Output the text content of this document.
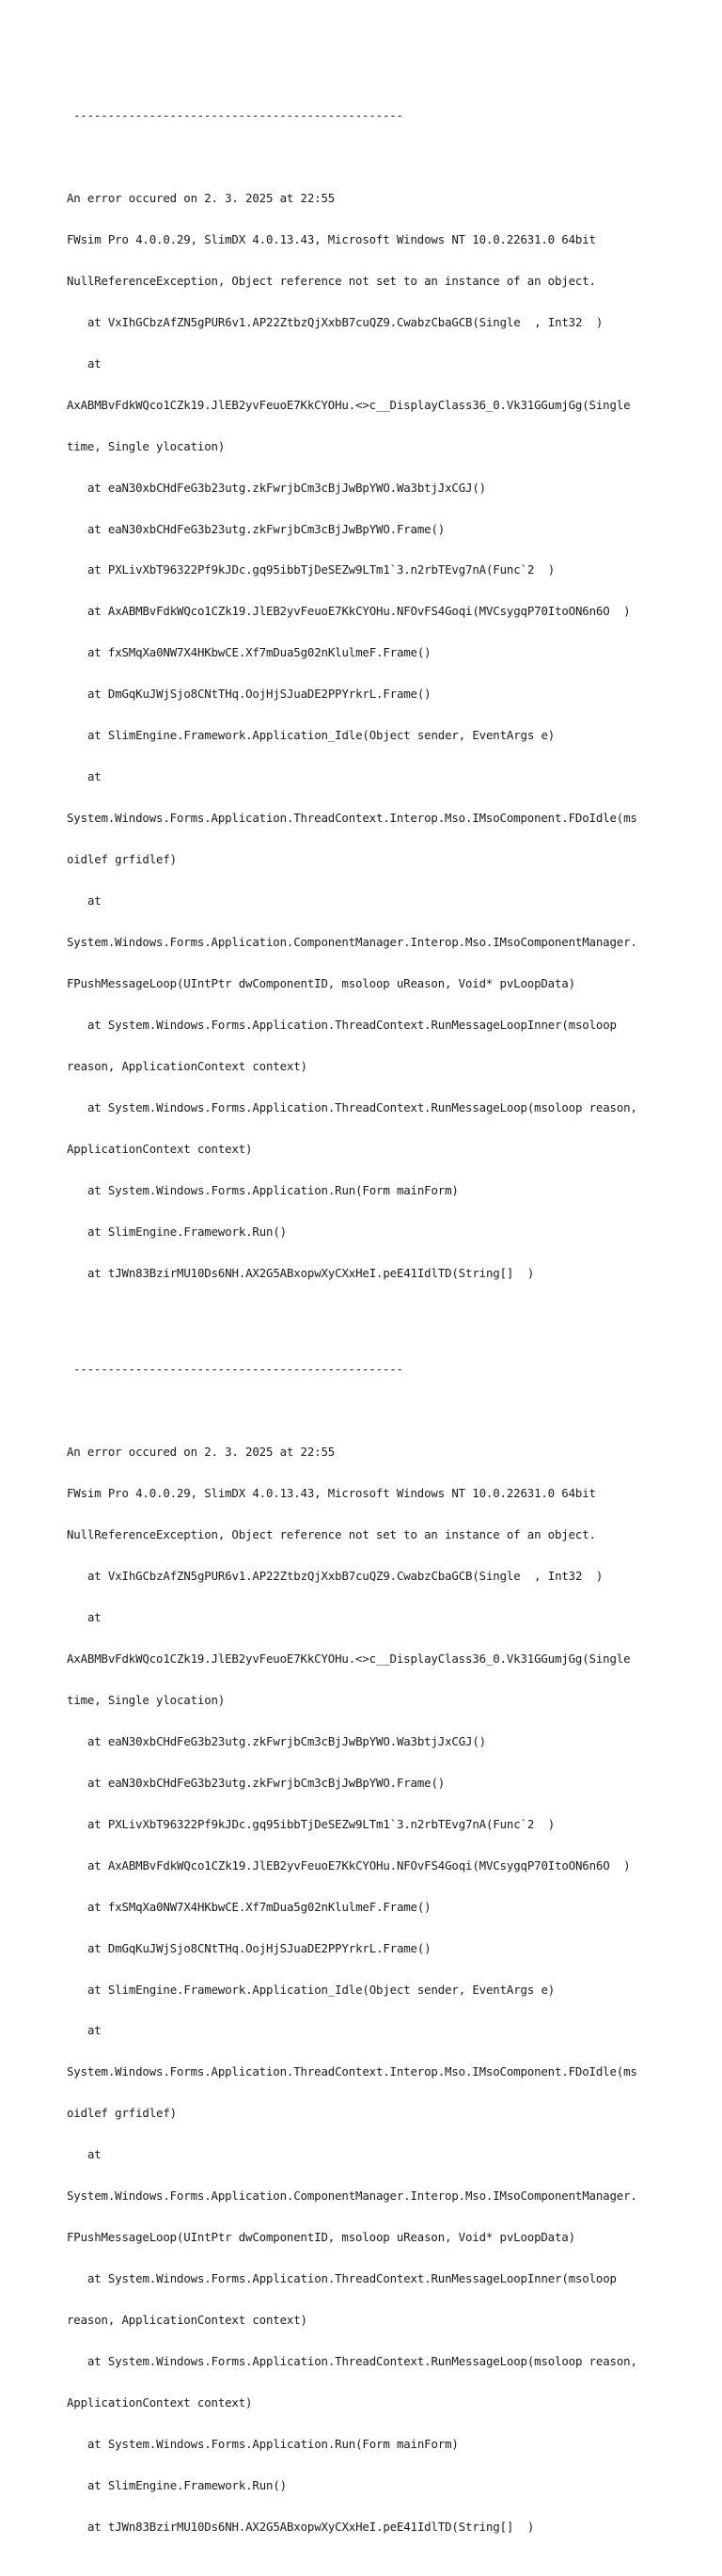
------------------------------------------------

An error occured on 2. 3. 2025 at 22:55

FWsim Pro 4.0.0.29, SlimDX 4.0.13.43, Microsoft Windows NT 10.0.22631.0 64bit

NullReferenceException, Object reference not set to an instance of an object.

at VxIhGCbzAfZN5gPUR6v1.AP22ZtbzQjXxbB7cuQZ9.CwabzCbaGCB(Single  , Int32  )

at

AxABMBvFdkWQco1CZk19.JlEB2yvFeuoE7KkCYOHu.<>c__DisplayClass36_0.Vk31GGumjGg(Single

time, Single ylocation)

at eaN30xbCHdFeG3b23utg.zkFwrjbCm3cBjJwBpYWO.Wa3btjJxCGJ()

at eaN30xbCHdFeG3b23utg.zkFwrjbCm3cBjJwBpYWO.Frame()

at PXLivXbT96322Pf9kJDc.gq95ibbTjDeSEZw9LTm1`3.n2rbTEvg7nA(Func`2  )

at AxABMBvFdkWQco1CZk19.JlEB2yvFeuoE7KkCYOHu.NFOvFS4Goqi(MVCsygqP70ItoON6n6O  )

at fxSMqXa0NW7X4HKbwCE.Xf7mDua5g02nKlulmeF.Frame()

at DmGqKuJWjSjo8CNtTHq.OojHjSJuaDE2PPYrkrL.Frame()

at SlimEngine.Framework.Application_Idle(Object sender, EventArgs e)

at

System.Windows.Forms.Application.ThreadContext.Interop.Mso.IMsoComponent.FDoIdle(ms

oidlef grfidlef)

at

System.Windows.Forms.Application.ComponentManager.Interop.Mso.IMsoComponentManager.

FPushMessageLoop(UIntPtr dwComponentID, msoloop uReason, Void* pvLoopData)

at System.Windows.Forms.Application.ThreadContext.RunMessageLoopInner(msoloop

reason, ApplicationContext context)

at System.Windows.Forms.Application.ThreadContext.RunMessageLoop(msoloop reason,

ApplicationContext context)

at System.Windows.Forms.Application.Run(Form mainForm)

at SlimEngine.Framework.Run()

at tJWn83BzirMU10Ds6NH.AX2G5ABxopwXyCXxHeI.peE41IdlTD(String[]  )

------------------------------------------------

An error occured on 2. 3. 2025 at 22:55

FWsim Pro 4.0.0.29, SlimDX 4.0.13.43, Microsoft Windows NT 10.0.22631.0 64bit

NullReferenceException, Object reference not set to an instance of an object.

at VxIhGCbzAfZN5gPUR6v1.AP22ZtbzQjXxbB7cuQZ9.CwabzCbaGCB(Single  , Int32  )

at

AxABMBvFdkWQco1CZk19.JlEB2yvFeuoE7KkCYOHu.<>c__DisplayClass36_0.Vk31GGumjGg(Single

time, Single ylocation)

at eaN30xbCHdFeG3b23utg.zkFwrjbCm3cBjJwBpYWO.Wa3btjJxCGJ()

at eaN30xbCHdFeG3b23utg.zkFwrjbCm3cBjJwBpYWO.Frame()

at PXLivXbT96322Pf9kJDc.gq95ibbTjDeSEZw9LTm1`3.n2rbTEvg7nA(Func`2  )

at AxABMBvFdkWQco1CZk19.JlEB2yvFeuoE7KkCYOHu.NFOvFS4Goqi(MVCsygqP70ItoON6n6O  )

at fxSMqXa0NW7X4HKbwCE.Xf7mDua5g02nKlulmeF.Frame()

at DmGqKuJWjSjo8CNtTHq.OojHjSJuaDE2PPYrkrL.Frame()

at SlimEngine.Framework.Application_Idle(Object sender, EventArgs e)

at

System.Windows.Forms.Application.ThreadContext.Interop.Mso.IMsoComponent.FDoIdle(ms

oidlef grfidlef)

at

System.Windows.Forms.Application.ComponentManager.Interop.Mso.IMsoComponentManager.

FPushMessageLoop(UIntPtr dwComponentID, msoloop uReason, Void* pvLoopData)

at System.Windows.Forms.Application.ThreadContext.RunMessageLoopInner(msoloop

reason, ApplicationContext context)

at System.Windows.Forms.Application.ThreadContext.RunMessageLoop(msoloop reason,

ApplicationContext context)

at System.Windows.Forms.Application.Run(Form mainForm)

at SlimEngine.Framework.Run()

at tJWn83BzirMU10Ds6NH.AX2G5ABxopwXyCXxHeI.peE41IdlTD(String[]  )
